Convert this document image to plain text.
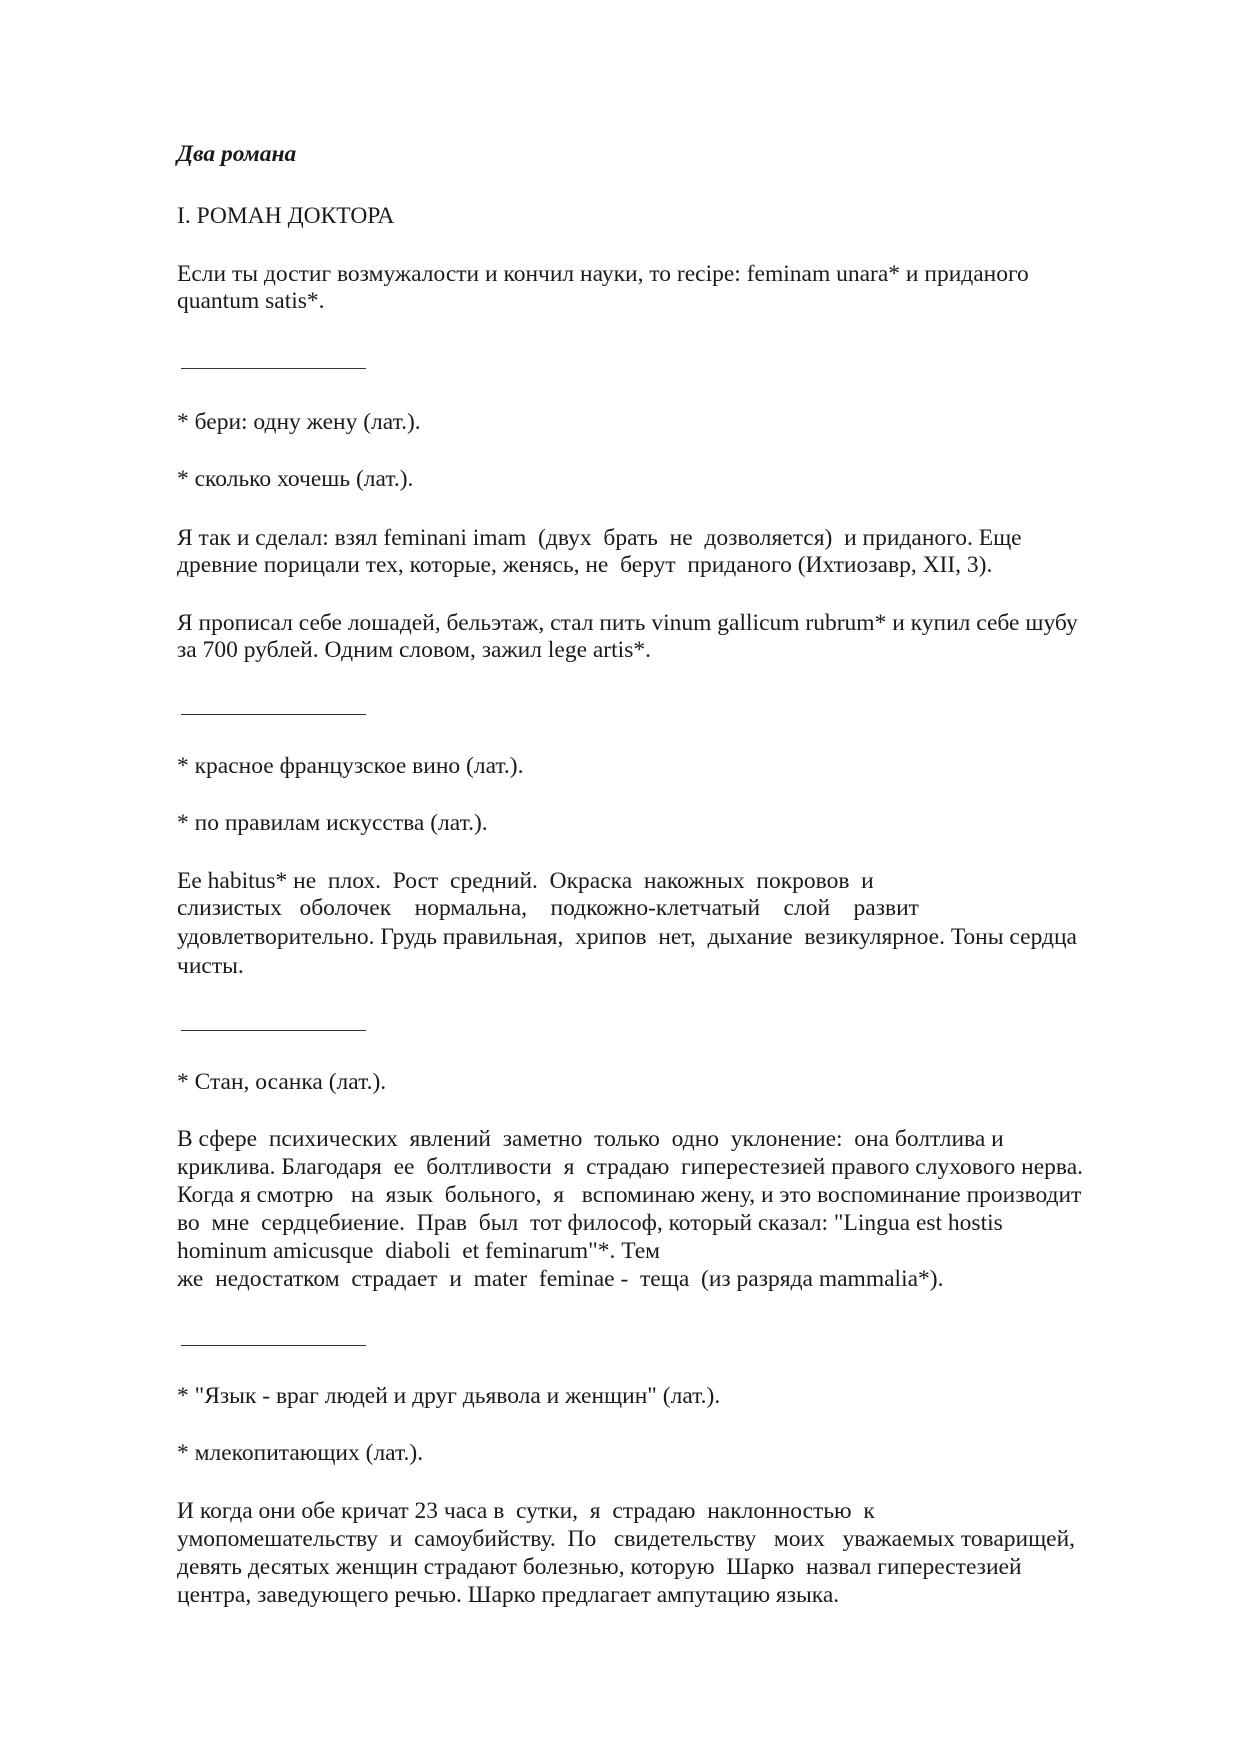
Два романа
I. РОМАН ДОКТОРА
Если ты достиг возмужалости и кончил науки, то recipe: feminam unara* и приданого
quantum satis*.
* бери: одну жену (лат.).
* сколько хочешь (лат.).
Я так и сделал: взял feminani imam  (двух  брать  не  дозволяется)  и приданого. Еще
древние порицали тех, которые, женясь, не  берут  приданого (Ихтиозавр, XII, 3).
Я прописал себе лошадей, бельэтаж, стал пить vinum gallicum rubrum* и купил себе шубу
за 700 рублей. Одним словом, зажил lege artis*.
* красное французское вино (лат.).
* по правилам искусства (лат.).
Ее habitus* не  плох.  Рост  средний.  Окраска  накожных  покровов  и
слизистых   оболочек    нормальна,    подкожно-клетчатый    слой    развит
удовлетворительно. Грудь правильная,  хрипов  нет,  дыхание  везикулярное. Тоны сердца
чисты.
* Стан, осанка (лат.).
В сфере  психических  явлений  заметно  только  одно  уклонение:  она болтлива и
криклива. Благодаря  ее  болтливости  я  страдаю  гиперестезией правого слухового нерва.
Когда я смотрю   на  язык  больного,  я   вспоминаю жену, и это воспоминание производит
во  мне  сердцебиение.  Прав  был  тот философ, который сказал: "Lingua est hostis
hominum amicusque  diaboli  et feminarum"*. Тем
же  недостатком  страдает  и  mater  feminae -  теща  (из разряда mammalia*).
* "Язык - враг людей и друг дьявола и женщин" (лат.).
* млекопитающих (лат.).
И когда они обе кричат 23 часа в  сутки,  я  страдаю  наклонностью  к
умопомешательству  и  самоубийству.  По   свидетельству   моих   уважаемых товарищей,
девять десятых женщин страдают болезнью, которую  Шарко  назвал гиперестезией
центра, заведующего речью. Шарко предлагает ампутацию языка.
